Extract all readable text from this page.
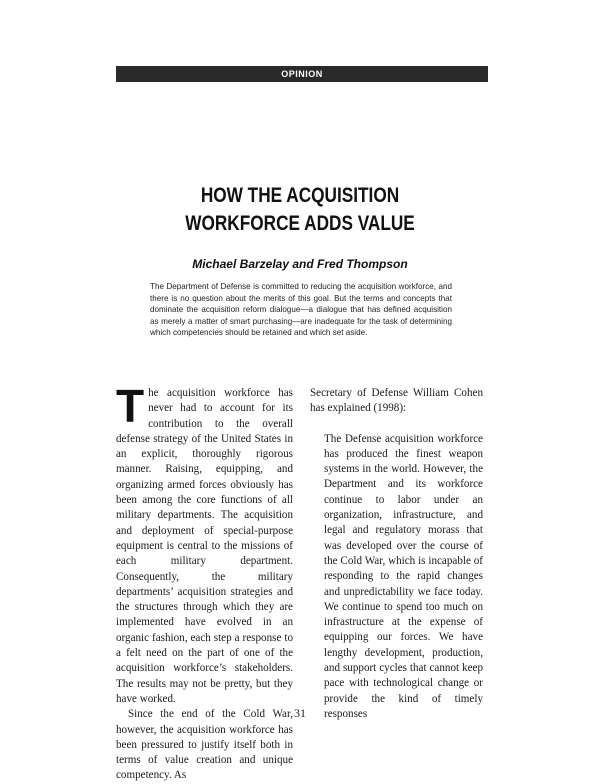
OPINION
HOW THE ACQUISITION
WORKFORCE ADDS VALUE
Michael Barzelay and Fred Thompson
The Department of Defense is committed to reducing the acquisition workforce, and there is no question about the merits of this goal. But the terms and concepts that dominate the acquisition reform dialogue—a dialogue that has defined acquisition as merely a matter of smart purchasing—are inadequate for the task of determining which competencies should be retained and which set aside.

The acquisition workforce has never had to account for its contribution to the overall defense strategy of the United States in an explicit, thoroughly rigorous manner. Raising, equipping, and organizing armed forces obviously has been among the core functions of all military departments. The acquisition and deployment of special-purpose equipment is central to the missions of each military department. Consequently, the military departments’ acquisition strategies and the structures through which they are implemented have evolved in an organic fashion, each step a response to a felt need on the part of one of the acquisition workforce’s stakeholders. The results may not be pretty, but they have worked.

Since the end of the Cold War, however, the acquisition workforce has been pressured to justify itself both in terms of value creation and unique competency. As

Secretary of Defense William Cohen has explained (1998):

The Defense acquisition workforce has produced the finest weapon systems in the world. However, the Department and its workforce continue to labor under an organization, infrastructure, and legal and regulatory morass that was developed over the course of the Cold War, which is incapable of responding to the rapid changes and unpredictability we face today. We continue to spend too much on infrastructure at the expense of equipping our forces. We have lengthy development, production, and support cycles that cannot keep pace with technological change or provide the kind of timely responses

31
